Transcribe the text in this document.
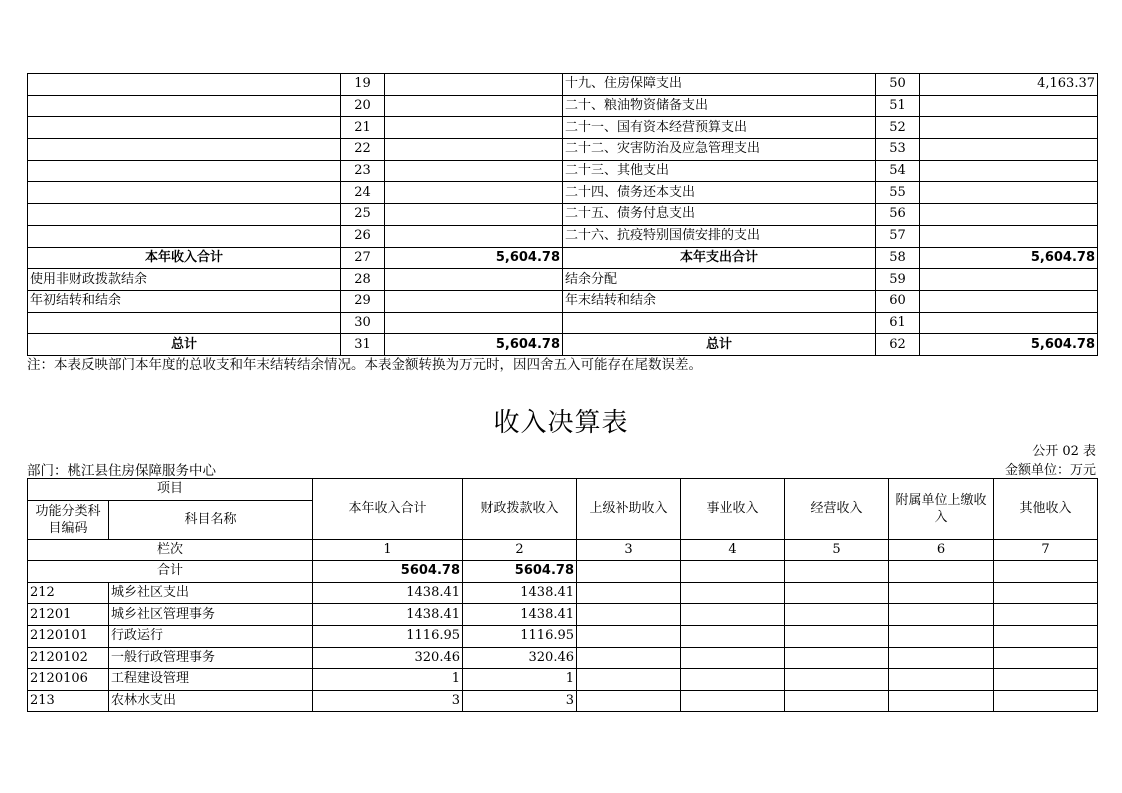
	19		十九、住房保障支出	50	4,163.37
	20		二十、粮油物资储备支出	51	
	21		二十一、国有资本经营预算支出	52	
	22		二十二、灾害防治及应急管理支出	53	
	23		二十三、其他支出	54	
	24		二十四、债务还本支出	55	
	25		二十五、债务付息支出	56	
	26		二十六、抗疫特别国债安排的支出	57	
本年收入合计	27	5,604.78	本年支出合计	58	5,604.78
使用非财政拨款结余	28		结余分配	59	
年初结转和结余	29		年末结转和结余	60	
	30			61	
总计	31	5,604.78	总计	62	5,604.78
注：本表反映部门本年度的总收支和年末结转结余情况。本表金额转换为万元时，因四舍五入可能存在尾数误差。
收入决算表
公开 02 表
部门：桃江县住房保障服务中心	金额单位：万元
项目		本年收入合计	财政拨款收入	上级补助收入	事业收入	经营收入	附属单位上缴收入	其他收入
功能分类科目编码	科目名称							
栏次		1	2	3	4	5	6	7
合计		5604.78	5604.78					
212	城乡社区支出	1438.41	1438.41					
21201	城乡社区管理事务	1438.41	1438.41					
2120101	行政运行	1116.95	1116.95					
2120102	一般行政管理事务	320.46	320.46					
2120106	工程建设管理	1	1					
213	农林水支出	3	3					
